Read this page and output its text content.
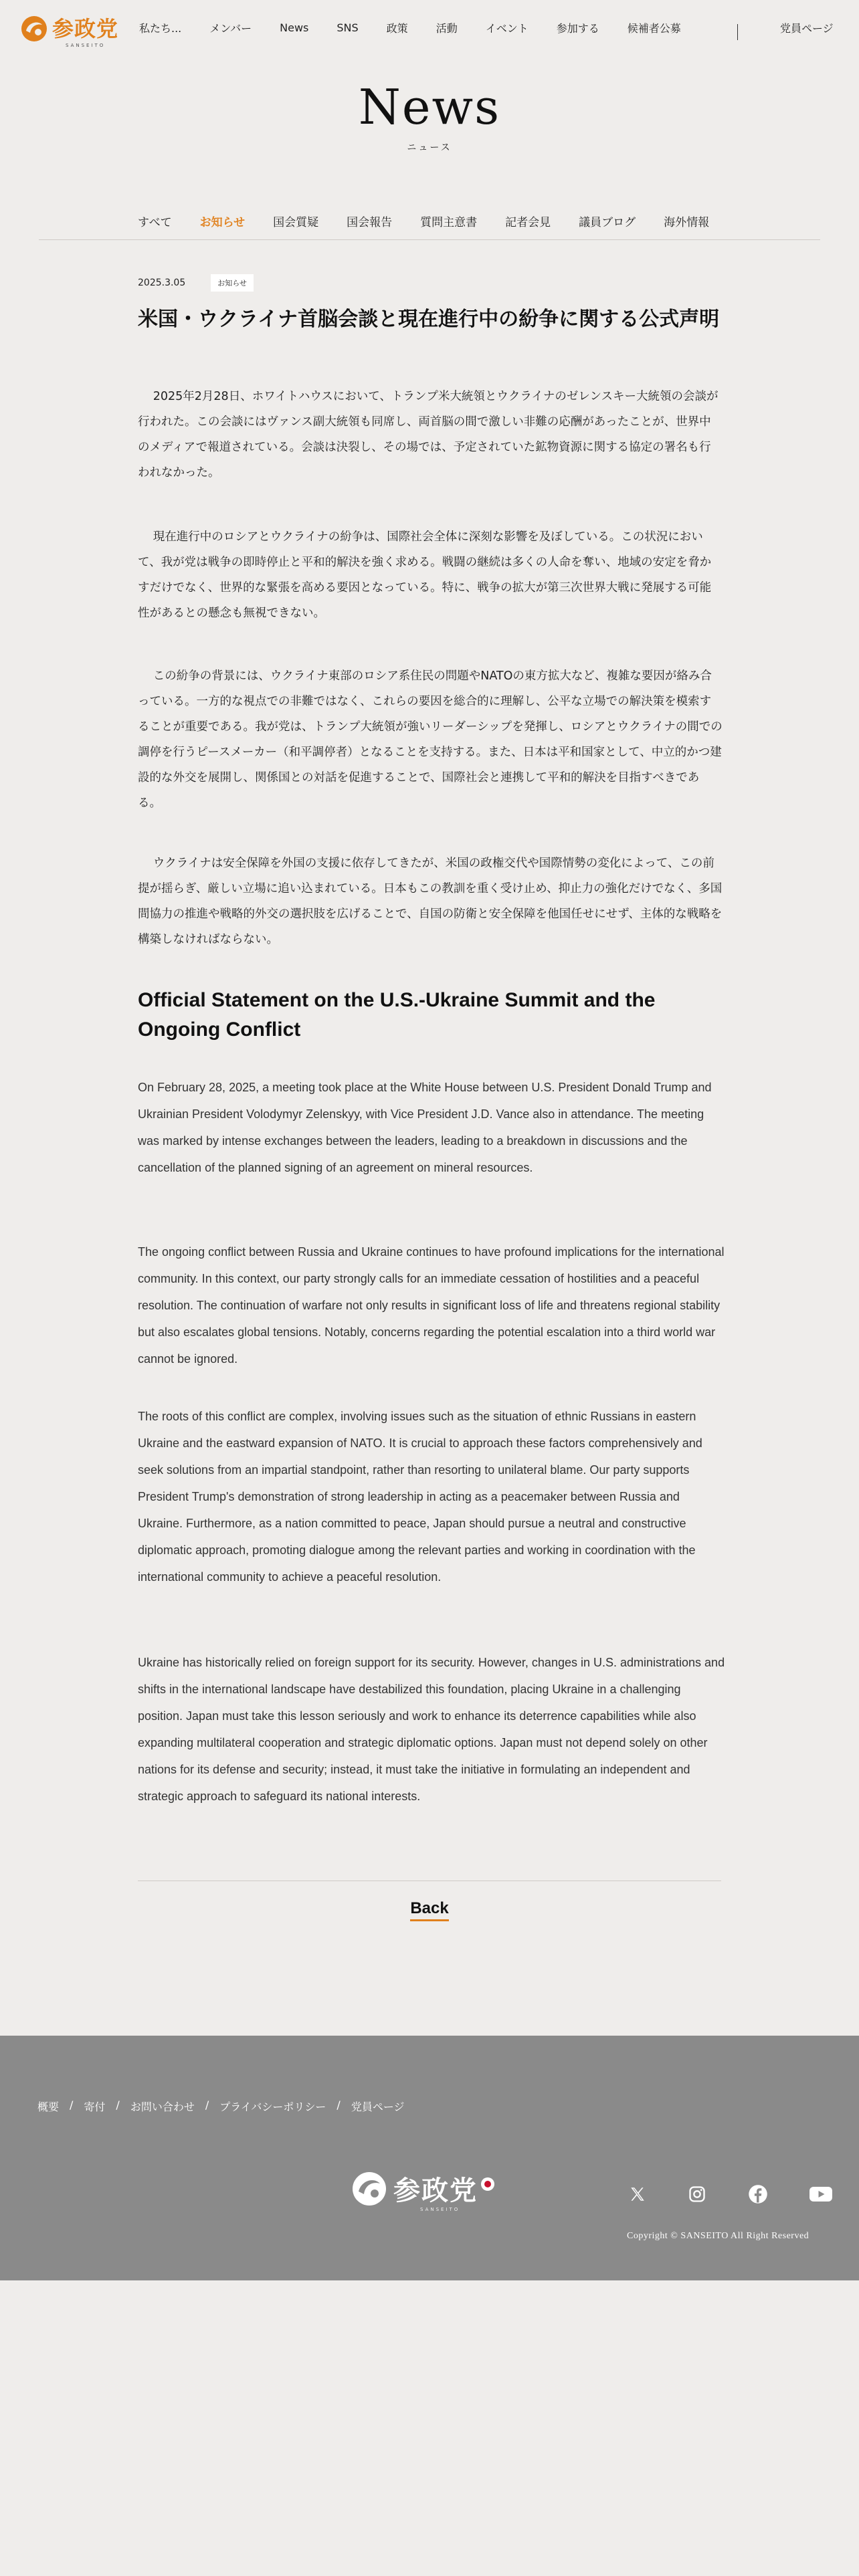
参政党
SANSEITO
私たち...	メンバー	News	SNS	政策	活動	イベント	参加する	候補者公募	党員ページ
News
ニュース
すべて お知らせ 国会質疑 国会報告 質問主意書 記者会見 議員ブログ 海外情報
2025.3.05	お知らせ
米国・ウクライナ首脳会談と現在進行中の紛争に関する公式声明

2025年2月28日、ホワイトハウスにおいて、トランプ米大統領とウクライナのゼレンスキー大統領の会談が行われた。この会談にはヴァンス副大統領も同席し、両首脳の間で激しい非難の応酬があったことが、世界中のメディアで報道されている。会談は決裂し、その場では、予定されていた鉱物資源に関する協定の署名も行われなかった。

現在進行中のロシアとウクライナの紛争は、国際社会全体に深刻な影響を及ぼしている。この状況において、我が党は戦争の即時停止と平和的解決を強く求める。戦闘の継続は多くの人命を奪い、地域の安定を脅かすだけでなく、世界的な緊張を高める要因となっている。特に、戦争の拡大が第三次世界大戦に発展する可能性があるとの懸念も無視できない。

この紛争の背景には、ウクライナ東部のロシア系住民の問題やNATOの東方拡大など、複雑な要因が絡み合っている。一方的な視点での非難ではなく、これらの要因を総合的に理解し、公平な立場での解決策を模索することが重要である。我が党は、トランプ大統領が強いリーダーシップを発揮し、ロシアとウクライナの間での調停を行うピースメーカー（和平調停者）となることを支持する。また、日本は平和国家として、中立的かつ建設的な外交を展開し、関係国との対話を促進することで、国際社会と連携して平和的解決を目指すべきである。

ウクライナは安全保障を外国の支援に依存してきたが、米国の政権交代や国際情勢の変化によって、この前提が揺らぎ、厳しい立場に追い込まれている。日本もこの教訓を重く受け止め、抑止力の強化だけでなく、多国間協力の推進や戦略的外交の選択肢を広げることで、自国の防衛と安全保障を他国任せにせず、主体的な戦略を構築しなければならない。

Official Statement on the U.S.-Ukraine Summit and the Ongoing Conflict

On February 28, 2025, a meeting took place at the White House between U.S. President Donald Trump and Ukrainian President Volodymyr Zelenskyy, with Vice President J.D. Vance also in attendance. The meeting was marked by intense exchanges between the leaders, leading to a breakdown in discussions and the cancellation of the planned signing of an agreement on mineral resources.

The ongoing conflict between Russia and Ukraine continues to have profound implications for the international community. In this context, our party strongly calls for an immediate cessation of hostilities and a peaceful resolution. The continuation of warfare not only results in significant loss of life and threatens regional stability but also escalates global tensions. Notably, concerns regarding the potential escalation into a third world war cannot be ignored.

The roots of this conflict are complex, involving issues such as the situation of ethnic Russians in eastern Ukraine and the eastward expansion of NATO. It is crucial to approach these factors comprehensively and seek solutions from an impartial standpoint, rather than resorting to unilateral blame. Our party supports President Trump's demonstration of strong leadership in acting as a peacemaker between Russia and Ukraine. Furthermore, as a nation committed to peace, Japan should pursue a neutral and constructive diplomatic approach, promoting dialogue among the relevant parties and working in coordination with the international community to achieve a peaceful resolution.

Ukraine has historically relied on foreign support for its security. However, changes in U.S. administrations and shifts in the international landscape have destabilized this foundation, placing Ukraine in a challenging position. Japan must take this lesson seriously and work to enhance its deterrence capabilities while also expanding multilateral cooperation and strategic diplomatic options. Japan must not depend solely on other nations for its defense and security; instead, it must take the initiative in formulating an independent and strategic approach to safeguard its national interests.

Back
概要 / 寄付 / お問い合わせ / プライバシーポリシー / 党員ページ
参政党
SANSEITO
Copyright © SANSEITO All Right Reserved
